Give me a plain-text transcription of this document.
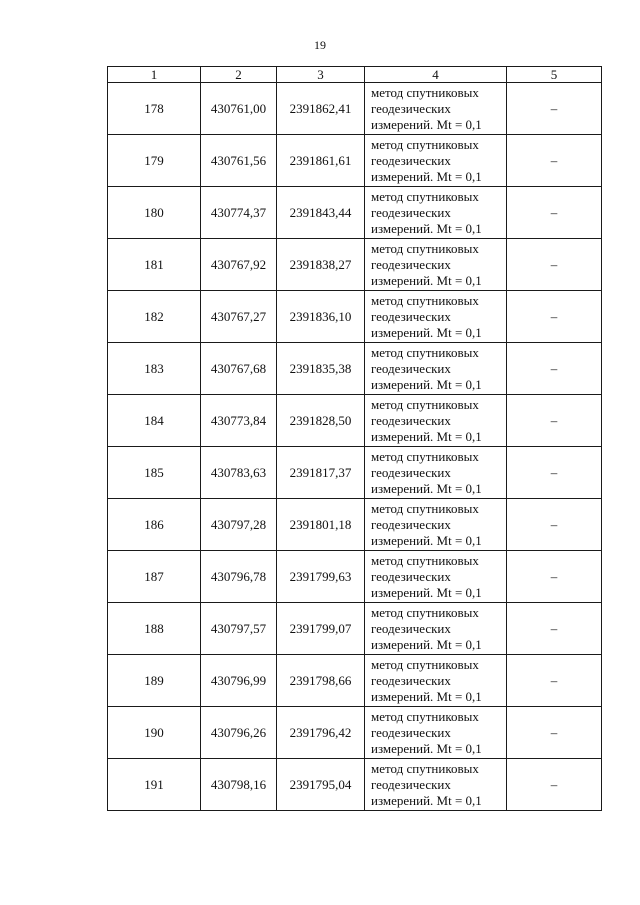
19
1	2	3	4	5
178	430761,00	2391862,41	метод спутниковых
геодезических
измерений. Mt = 0,1	–
179	430761,56	2391861,61	метод спутниковых
геодезических
измерений. Mt = 0,1	–
180	430774,37	2391843,44	метод спутниковых
геодезических
измерений. Mt = 0,1	–
181	430767,92	2391838,27	метод спутниковых
геодезических
измерений. Mt = 0,1	–
182	430767,27	2391836,10	метод спутниковых
геодезических
измерений. Mt = 0,1	–
183	430767,68	2391835,38	метод спутниковых
геодезических
измерений. Mt = 0,1	–
184	430773,84	2391828,50	метод спутниковых
геодезических
измерений. Mt = 0,1	–
185	430783,63	2391817,37	метод спутниковых
геодезических
измерений. Mt = 0,1	–
186	430797,28	2391801,18	метод спутниковых
геодезических
измерений. Mt = 0,1	–
187	430796,78	2391799,63	метод спутниковых
геодезических
измерений. Mt = 0,1	–
188	430797,57	2391799,07	метод спутниковых
геодезических
измерений. Mt = 0,1	–
189	430796,99	2391798,66	метод спутниковых
геодезических
измерений. Mt = 0,1	–
190	430796,26	2391796,42	метод спутниковых
геодезических
измерений. Mt = 0,1	–
191	430798,16	2391795,04	метод спутниковых
геодезических
измерений. Mt = 0,1	–
